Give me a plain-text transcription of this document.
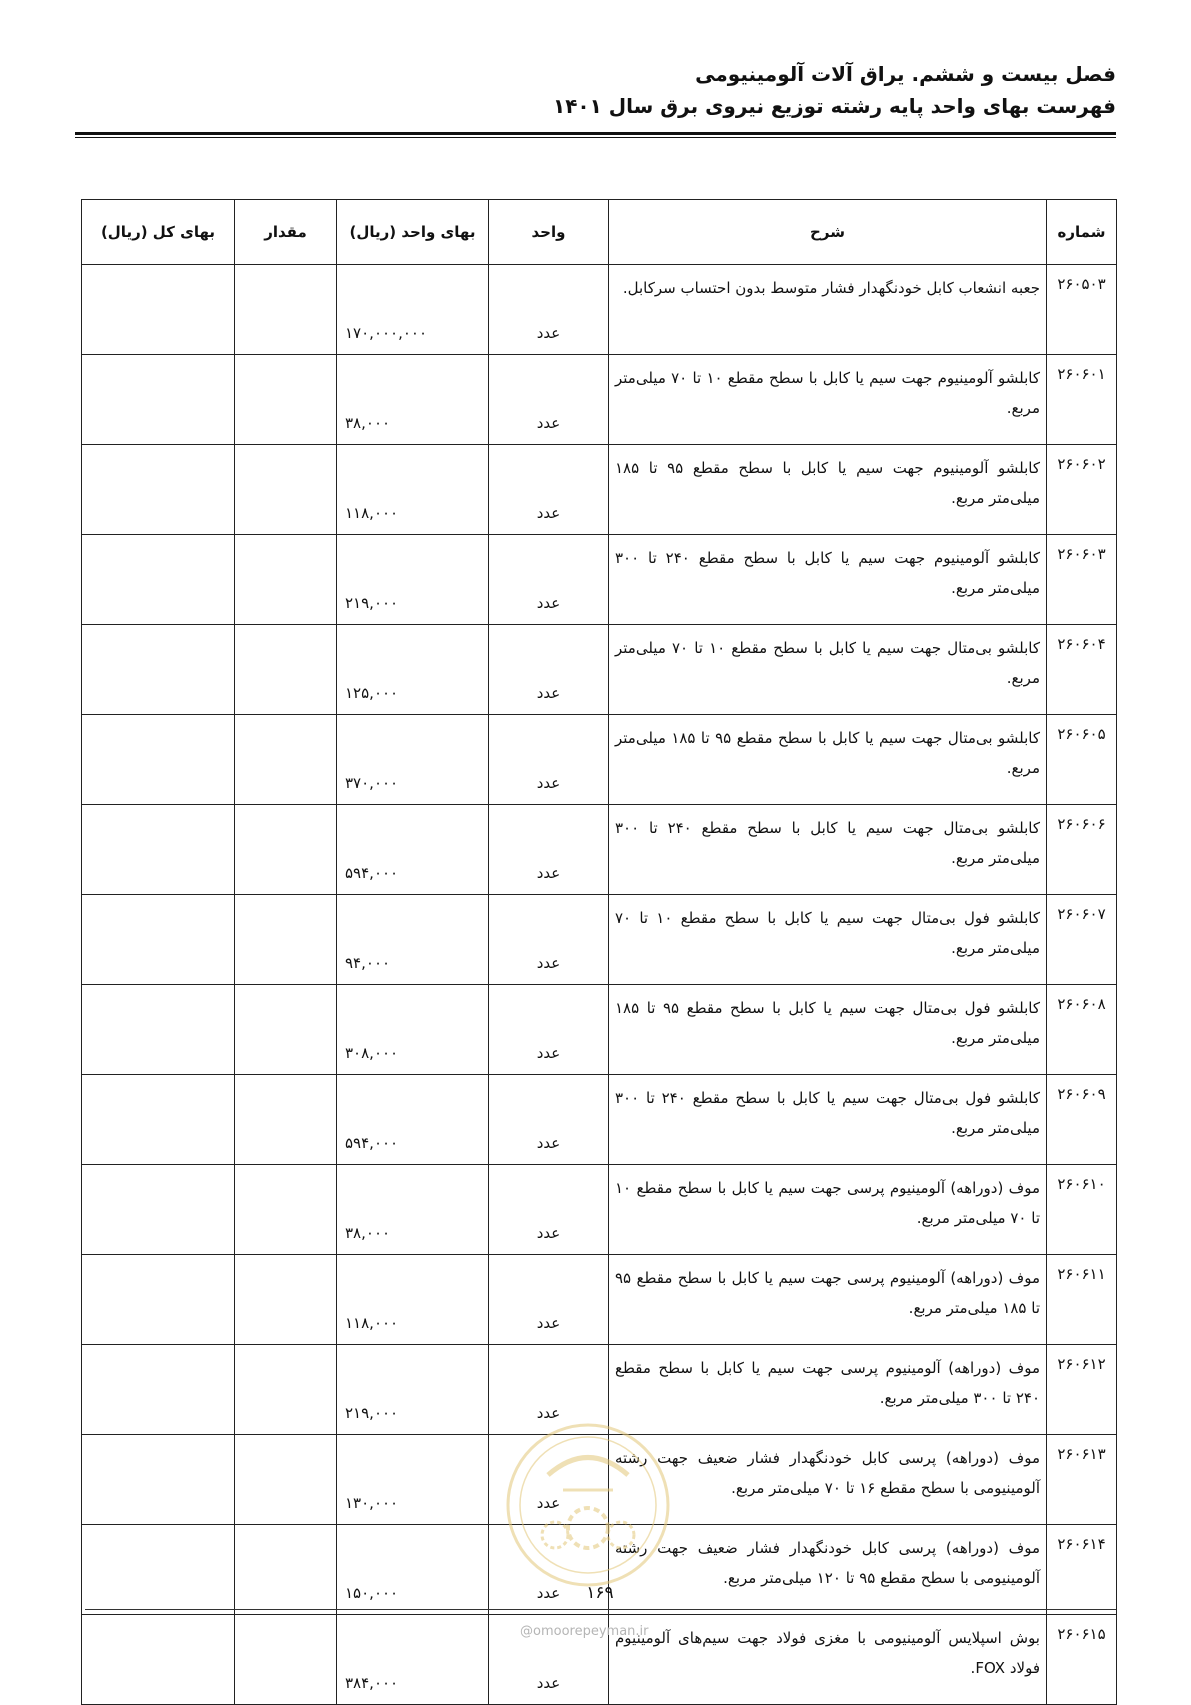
فصل بیست و ششم. یراق آلات آلومینیومی
فهرست بهای واحد پایه رشته توزیع نیروی برق سال ۱۴۰۱
شماره	شرح	واحد	بهای واحد (ریال)	مقدار	بهای کل (ریال)
۲۶۰۵۰۳	جعبه انشعاب کابل خودنگهدار فشار متوسط بدون احتساب سرکابل.	عدد	۱۷۰,۰۰۰,۰۰۰		
۲۶۰۶۰۱	کابلشو آلومینیوم جهت سیم یا کابل با سطح مقطع ۱۰ تا ۷۰ میلی‌متر مربع.	عدد	۳۸,۰۰۰		
۲۶۰۶۰۲	کابلشو آلومینیوم جهت سیم یا کابل با سطح مقطع ۹۵ تا ۱۸۵ میلی‌متر مربع.	عدد	۱۱۸,۰۰۰		
۲۶۰۶۰۳	کابلشو آلومینیوم جهت سیم یا کابل با سطح مقطع ۲۴۰ تا ۳۰۰ میلی‌متر مربع.	عدد	۲۱۹,۰۰۰		
۲۶۰۶۰۴	کابلشو بی‌متال جهت سیم یا کابل با سطح مقطع ۱۰ تا ۷۰ میلی‌متر مربع.	عدد	۱۲۵,۰۰۰		
۲۶۰۶۰۵	کابلشو بی‌متال جهت سیم یا کابل با سطح مقطع ۹۵ تا ۱۸۵ میلی‌متر مربع.	عدد	۳۷۰,۰۰۰		
۲۶۰۶۰۶	کابلشو بی‌متال جهت سیم یا کابل با سطح مقطع ۲۴۰ تا ۳۰۰ میلی‌متر مربع.	عدد	۵۹۴,۰۰۰		
۲۶۰۶۰۷	کابلشو فول بی‌متال جهت سیم یا کابل با سطح مقطع ۱۰ تا ۷۰ میلی‌متر مربع.	عدد	۹۴,۰۰۰		
۲۶۰۶۰۸	کابلشو فول بی‌متال جهت سیم یا کابل با سطح مقطع ۹۵ تا ۱۸۵ میلی‌متر مربع.	عدد	۳۰۸,۰۰۰		
۲۶۰۶۰۹	کابلشو فول بی‌متال جهت سیم یا کابل با سطح مقطع ۲۴۰ تا ۳۰۰ میلی‌متر مربع.	عدد	۵۹۴,۰۰۰		
۲۶۰۶۱۰	موف (دوراهه) آلومینیوم پرسی جهت سیم یا کابل با سطح مقطع ۱۰ تا ۷۰ میلی‌متر مربع.	عدد	۳۸,۰۰۰		
۲۶۰۶۱۱	موف (دوراهه) آلومینیوم پرسی جهت سیم یا کابل با سطح مقطع ۹۵ تا ۱۸۵ میلی‌متر مربع.	عدد	۱۱۸,۰۰۰		
۲۶۰۶۱۲	موف (دوراهه) آلومینیوم پرسی جهت سیم یا کابل با سطح مقطع ۲۴۰ تا ۳۰۰ میلی‌متر مربع.	عدد	۲۱۹,۰۰۰		
۲۶۰۶۱۳	موف (دوراهه) پرسی کابل خودنگهدار فشار ضعیف جهت رشته آلومینیومی با سطح مقطع ۱۶ تا ۷۰ میلی‌متر مربع.	عدد	۱۳۰,۰۰۰		
۲۶۰۶۱۴	موف (دوراهه) پرسی کابل خودنگهدار فشار ضعیف جهت رشته آلومینیومی با سطح مقطع ۹۵ تا ۱۲۰ میلی‌متر مربع.	عدد	۱۵۰,۰۰۰		
۲۶۰۶۱۵	بوش اسپلایس آلومینیومی با مغزی فولاد جهت سیم‌های آلومینیوم فولاد FOX.	عدد	۳۸۴,۰۰۰		
۱۶۹
@omoorepeyman.ir
